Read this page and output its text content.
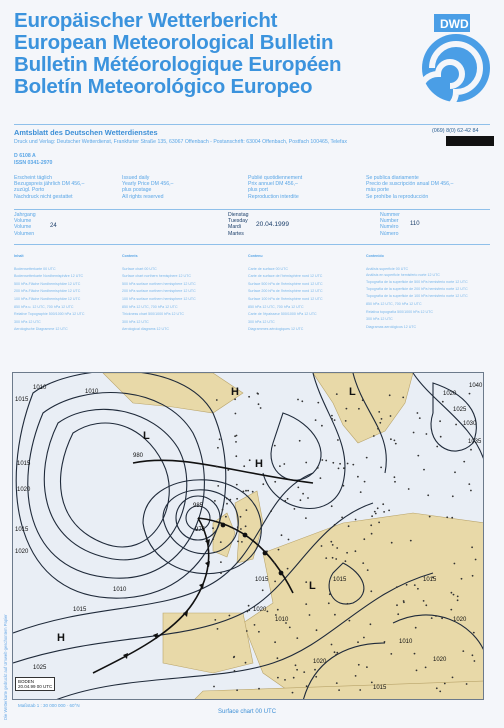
Europäischer Wetterbericht
European Meteorological Bulletin
Bulletin Météorologique Européen
Boletín Meteorológico Europeo
DWD
Amtsblatt des Deutschen Wetterdienstes	(069) 8(0) 62-42 84
Druck und Verlag: Deutscher Wetterdienst, Frankfurter Straße 135, 63067 Offenbach - Postanschrift: 63004 Offenbach, Postfach 100465, Telefax
D 6108 A
ISSN 0341-2970
Erscheint täglich
Bezugspreis jährlich DM 456,–
zuzügl. Porto
Nachdruck nicht gestattet
Issued daily
Yearly Price DM 456,–
plus postage
All rights reserved
Publié quotidiennement
Prix annuel DM 456,–
plus port
Reproduction interdite
Se publica diariamente
Precio de suscripción anual DM 456,–
más porte
Se prohíbe la reproducción
Jahrgang
Volume
Volume
Volumen
24
Dienstag
Tuesday
Mardi
Martes
20.04.1999
Nummer
Number
Numéro
Número
110
Inhalt
Bodenwetterkarte 00 UTC
Bodenwetterkarte Nordhemisphäre 12 UTC
500 hPa-Fläche Nordhemisphäre 12 UTC
200 hPa-Fläche Nordhemisphäre 12 UTC
100 hPa-Fläche Nordhemisphäre 12 UTC
850 hPa u. 12 UTC, 700 hPa 12 UTC
Relative Topographie 500/1000 hPa 12 UTC
300 hPa 12 UTC
Aerologische Diagramme 12 UTC
Contents
Surface chart 00 UTC
Surface chart northern hemisphere 12 UTC
500 hPa surface northern hemisphere 12 UTC
200 hPa surface northern hemisphere 12 UTC
100 hPa surface northern hemisphere 12 UTC
850 hPa 12 UTC, 700 hPa 12 UTC
Thickness chart 500/1000 hPa 12 UTC
300 hPa 12 UTC
Aerological diagrams 12 UTC
Contenu
Carte de surface 00 UTC
Carte de surface de l'hémisphère nord 12 UTC
Surface 500 hPa de l'hémisphère nord 12 UTC
Surface 200 hPa de l'hémisphère nord 12 UTC
Surface 100 hPa de l'hémisphère nord 12 UTC
850 hPa 12 UTC, 700 hPa 12 UTC
Carte de l'épaisseur 500/1000 hPa 12 UTC
300 hPa 12 UTC
Diagrammes aérologiques 12 UTC
Contenido
Análisis superficie 00 UTC
Análisis en superficie hemisferio norte 12 UTC
Topografía de la superficie de 500 hPa hemisferio norte 12 UTC
Topografía de la superficie de 200 hPa hemisferio norte 12 UTC
Topografía de la superficie de 100 hPa hemisferio norte 12 UTC
850 hPa 12 UTC, 700 hPa 12 UTC
Relativa topografía 500/1000 hPa 12 UTC
300 hPa 12 UTC
Diagramas aerológicos 12 UTC
Die Wetterkarte gedruckt auf Umwelt-geschontem Papier
1010
1010
1015
H	1020
1025
1030
1035
1040
L
980
985
975
L
H
1015
1020
1015
1020
L
1015
1010
1015
1020
H
1025
1020
1015
1010
1020
1015
1010
1015
1020
BODEN
20.04.99 00 UTC
Maßstab 1 : 30 000 000 · 60°N
Surface chart 00 UTC
